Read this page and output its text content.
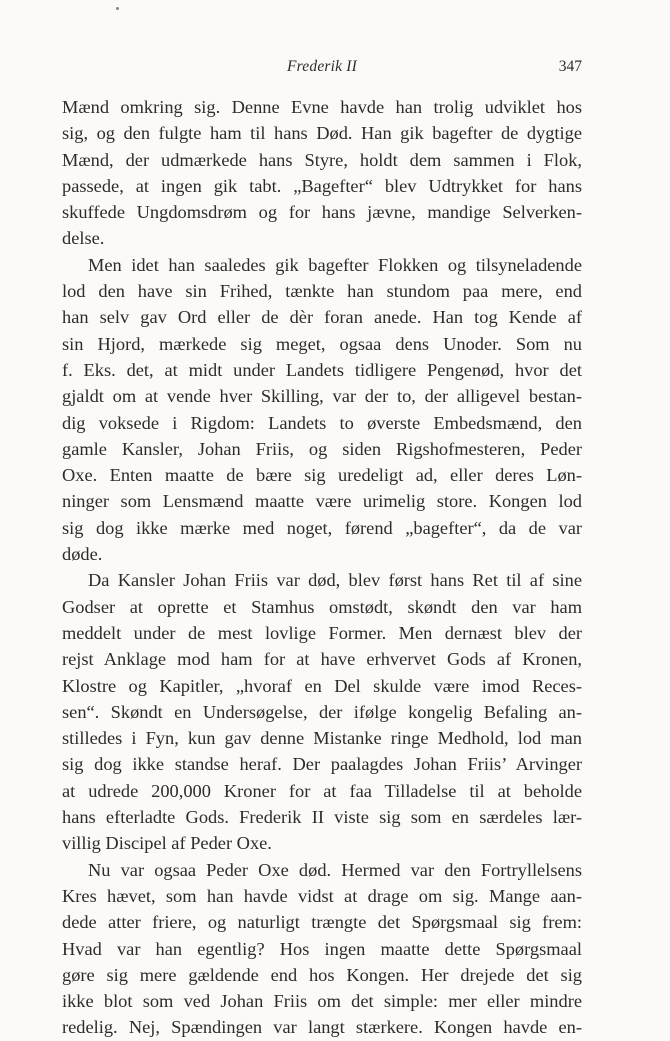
Frederik II	347
Mænd omkring sig. Denne Evne havde han trolig udviklet hos
sig, og den fulgte ham til hans Død. Han gik bagefter de dygtige
Mænd, der udmærkede hans Styre, holdt dem sammen i Flok,
passede, at ingen gik tabt. „Bagefter“ blev Udtrykket for hans
skuffede Ungdomsdrøm og for hans jævne, mandige Selverken-
delse.
Men idet han saaledes gik bagefter Flokken og tilsyneladende
lod den have sin Frihed, tænkte han stundom paa mere, end
han selv gav Ord eller de dèr foran anede. Han tog Kende af
sin Hjord, mærkede sig meget, ogsaa dens Unoder. Som nu
f. Eks. det, at midt under Landets tidligere Pengenød, hvor det
gjaldt om at vende hver Skilling, var der to, der alligevel bestan-
dig voksede i Rigdom: Landets to øverste Embedsmænd, den
gamle Kansler, Johan Friis, og siden Rigshofmesteren, Peder
Oxe. Enten maatte de bære sig uredeligt ad, eller deres Løn-
ninger som Lensmænd maatte være urimelig store. Kongen lod
sig dog ikke mærke med noget, førend „bagefter“, da de var
døde.
Da Kansler Johan Friis var død, blev først hans Ret til af sine
Godser at oprette et Stamhus omstødt, skøndt den var ham
meddelt under de mest lovlige Former. Men dernæst blev der
rejst Anklage mod ham for at have erhvervet Gods af Kronen,
Klostre og Kapitler, „hvoraf en Del skulde være imod Reces-
sen“. Skøndt en Undersøgelse, der ifølge kongelig Befaling an-
stilledes i Fyn, kun gav denne Mistanke ringe Medhold, lod man
sig dog ikke standse heraf. Der paalagdes Johan Friis’ Arvinger
at udrede 200,000 Kroner for at faa Tilladelse til at beholde
hans efterladte Gods. Frederik II viste sig som en særdeles lær-
villig Discipel af Peder Oxe.
Nu var ogsaa Peder Oxe død. Hermed var den Fortryllelsens
Kres hævet, som han havde vidst at drage om sig. Mange aan-
dede atter friere, og naturligt trængte det Spørgsmaal sig frem:
Hvad var han egentlig? Hos ingen maatte dette Spørgsmaal
gøre sig mere gældende end hos Kongen. Her drejede det sig
ikke blot som ved Johan Friis om det simple: mer eller mindre
redelig. Nej, Spændingen var langt stærkere. Kongen havde en-
